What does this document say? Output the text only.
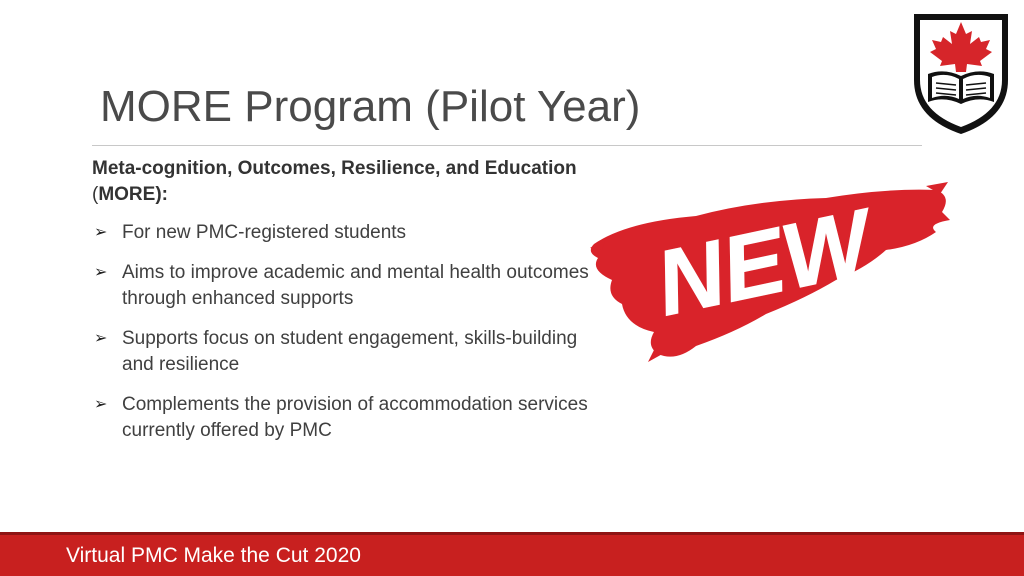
MORE Program (Pilot Year)

Meta-cognition, Outcomes, Resilience, and Education (MORE):

➢ For new PMC-registered students
➢ Aims to improve academic and mental health outcomes through enhanced supports
➢ Supports focus on student engagement, skills-building and resilience
➢ Complements the provision of accommodation services currently offered by PMC
NEW
Virtual PMC Make the Cut 2020
